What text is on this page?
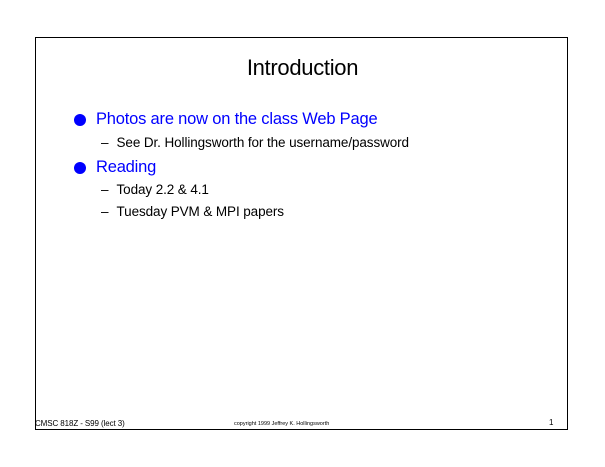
Introduction
Photos are now on the class Web Page
– See Dr. Hollingsworth for the username/password
Reading
– Today 2.2 & 4.1
– Tuesday PVM & MPI papers
CMSC 818Z - S99 (lect 3)	copyright 1999 Jeffrey K. Hollingsworth	1
